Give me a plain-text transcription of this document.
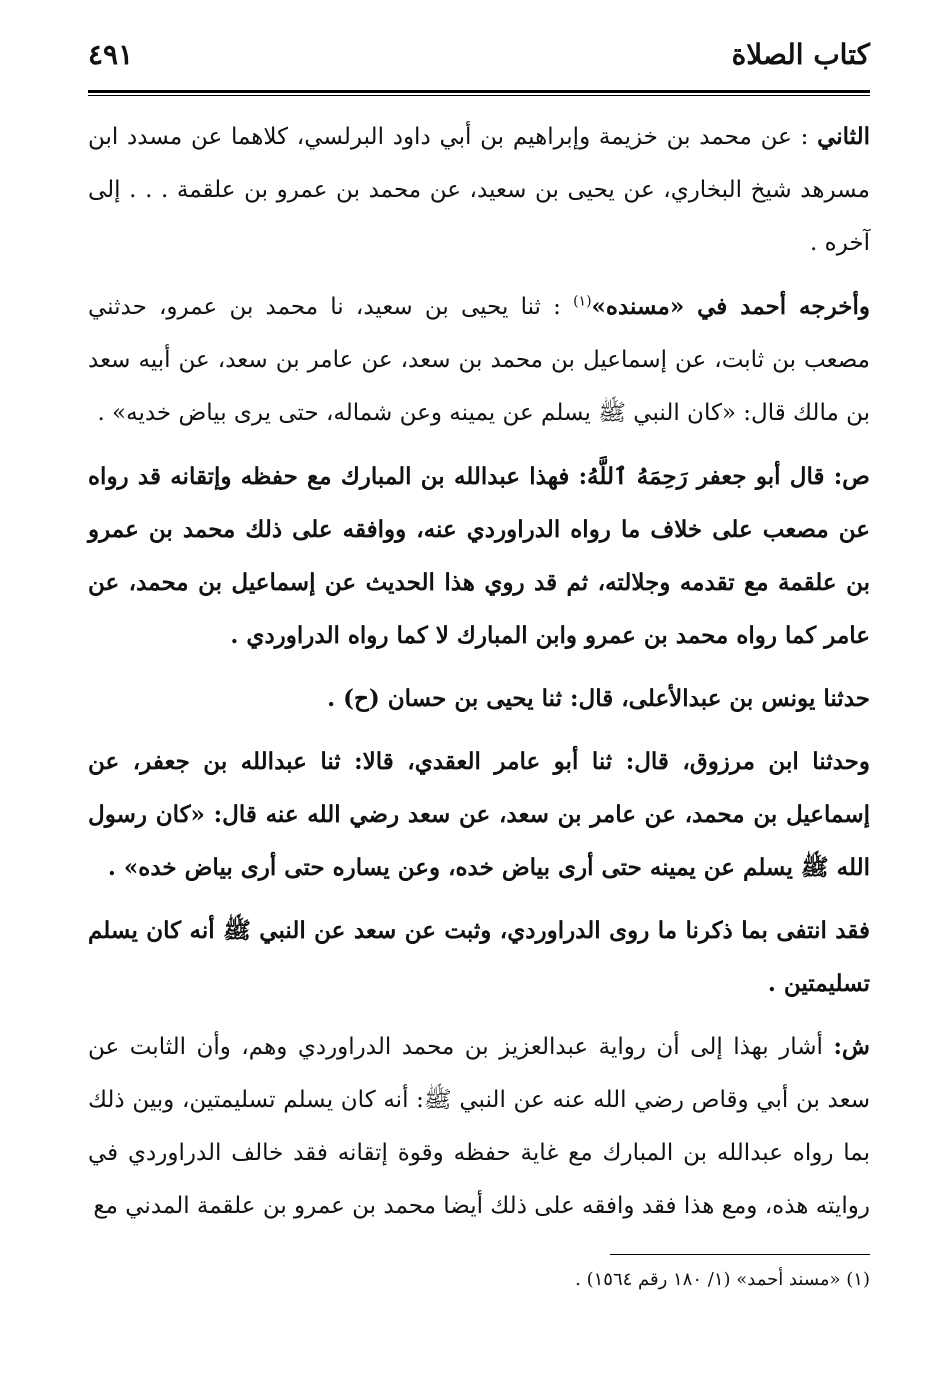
كتاب الصلاة
٤٩١

الثاني : عن محمد بن خزيمة وإبراهيم بن أبي داود البرلسي، كلاهما عن مسدد ابن مسرهد شيخ البخاري، عن يحيى بن سعيد، عن محمد بن عمرو بن علقمة . . . إلى آخره .

وأخرجه أحمد في «مسنده»$^{(١)}$ : ثنا يحيى بن سعيد، نا محمد بن عمرو، حدثني مصعب بن ثابت، عن إسماعيل بن محمد بن سعد، عن عامر بن سعد، عن أبيه سعد بن مالك قال: «كان النبي ﷺ يسلم عن يمينه وعن شماله، حتى يرى بياض خديه» .

ص: قال أبو جعفر رَحِمَهُ ٱللَّهُ: فهذا عبدالله بن المبارك مع حفظه وإتقانه قد رواه عن مصعب على خلاف ما رواه الدراوردي عنه، ووافقه على ذلك محمد بن عمرو بن علقمة مع تقدمه وجلالته، ثم قد روي هذا الحديث عن إسماعيل بن محمد، عن عامر كما رواه محمد بن عمرو وابن المبارك لا كما رواه الدراوردي .

حدثنا يونس بن عبدالأعلى، قال: ثنا يحيى بن حسان (ح) .

وحدثنا ابن مرزوق، قال: ثنا أبو عامر العقدي، قالا: ثنا عبدالله بن جعفر، عن إسماعيل بن محمد، عن عامر بن سعد، عن سعد رضي الله عنه قال: «كان رسول الله ﷺ يسلم عن يمينه حتى أرى بياض خده، وعن يساره حتى أرى بياض خده» .

فقد انتفى بما ذكرنا ما روى الدراوردي، وثبت عن سعد عن النبي ﷺ أنه كان يسلم تسليمتين .

ش: أشار بهذا إلى أن رواية عبدالعزيز بن محمد الدراوردي وهم، وأن الثابت عن سعد بن أبي وقاص رضي الله عنه عن النبي ﷺ: أنه كان يسلم تسليمتين، وبين ذلك بما رواه عبدالله بن المبارك مع غاية حفظه وقوة إتقانه فقد خالف الدراوردي في روايته هذه، ومع هذا فقد وافقه على ذلك أيضا محمد بن عمرو بن علقمة المدني مع

(١) «مسند أحمد» (١/ ١٨٠ رقم ١٥٦٤) .
